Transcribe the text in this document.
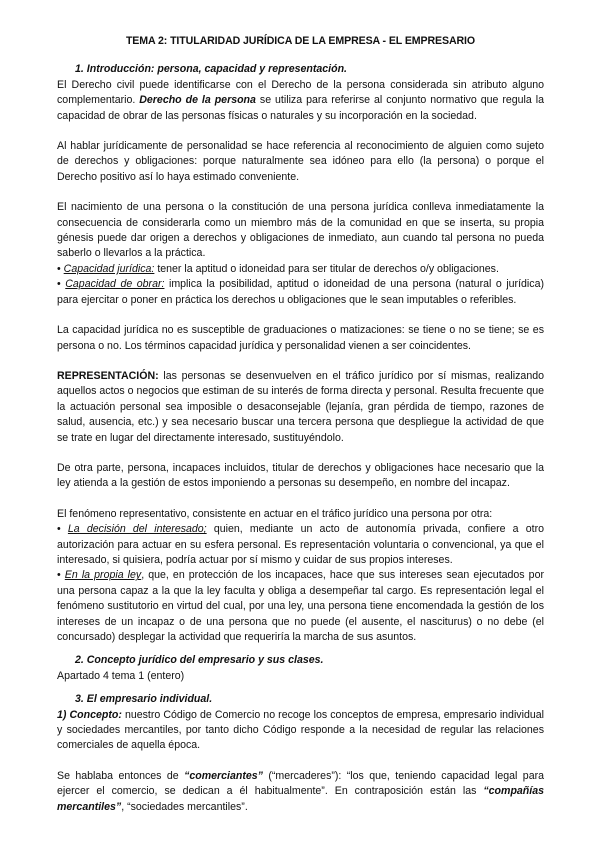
TEMA 2: TITULARIDAD JURÍDICA DE LA EMPRESA - EL EMPRESARIO
1. Introducción: persona, capacidad y representación.

El Derecho civil puede identificarse con el Derecho de la persona considerada sin atributo alguno complementario. Derecho de la persona se utiliza para referirse al conjunto normativo que regula la capacidad de obrar de las personas físicas o naturales y su incorporación en la sociedad.

Al hablar jurídicamente de personalidad se hace referencia al reconocimiento de alguien como sujeto de derechos y obligaciones: porque naturalmente sea idóneo para ello (la persona) o porque el Derecho positivo así lo haya estimado conveniente.

El nacimiento de una persona o la constitución de una persona jurídica conlleva inmediatamente la consecuencia de considerarla como un miembro más de la comunidad en que se inserta, su propia génesis puede dar origen a derechos y obligaciones de inmediato, aun cuando tal persona no pueda saberlo o llevarlos a la práctica.

• Capacidad jurídica: tener la aptitud o idoneidad para ser titular de derechos o/y obligaciones.

• Capacidad de obrar: implica la posibilidad, aptitud o idoneidad de una persona (natural o jurídica) para ejercitar o poner en práctica los derechos u obligaciones que le sean imputables o referibles.

La capacidad jurídica no es susceptible de graduaciones o matizaciones: se tiene o no se tiene; se es persona o no. Los términos capacidad jurídica y personalidad vienen a ser coincidentes.

REPRESENTACIÓN: las personas se desenvuelven en el tráfico jurídico por sí mismas, realizando aquellos actos o negocios que estiman de su interés de forma directa y personal. Resulta frecuente que la actuación personal sea imposible o desaconsejable (lejanía, gran pérdida de tiempo, razones de salud, ausencia, etc.) y sea necesario buscar una tercera persona que despliegue la actividad de que se trate en lugar del directamente interesado, sustituyéndolo.

De otra parte, persona, incapaces incluidos, titular de derechos y obligaciones hace necesario que la ley atienda a la gestión de estos imponiendo a personas su desempeño, en nombre del incapaz.

El fenómeno representativo, consistente en actuar en el tráfico jurídico una persona por otra:

• La decisión del interesado; quien, mediante un acto de autonomía privada, confiere a otro autorización para actuar en su esfera personal. Es representación voluntaria o convencional, ya que el interesado, si quisiera, podría actuar por sí mismo y cuidar de sus propios intereses.

• En la propia ley, que, en protección de los incapaces, hace que sus intereses sean ejecutados por una persona capaz a la que la ley faculta y obliga a desempeñar tal cargo. Es representación legal el fenómeno sustitutorio en virtud del cual, por una ley, una persona tiene encomendada la gestión de los intereses de un incapaz o de una persona que no puede (el ausente, el nasciturus) o no debe (el concursado) desplegar la actividad que requeriría la marcha de sus asuntos.

2. Concepto jurídico del empresario y sus clases.

Apartado 4 tema 1 (entero)

3. El empresario individual.

1) Concepto: nuestro Código de Comercio no recoge los conceptos de empresa, empresario individual y sociedades mercantiles, por tanto dicho Código responde a la necesidad de regular las relaciones comerciales de aquella época.

Se hablaba entonces de “comerciantes” (“mercaderes”): “los que, teniendo capacidad legal para ejercer el comercio, se dedican a él habitualmente”. En contraposición están las “compañías mercantiles”, “sociedades mercantiles”.
